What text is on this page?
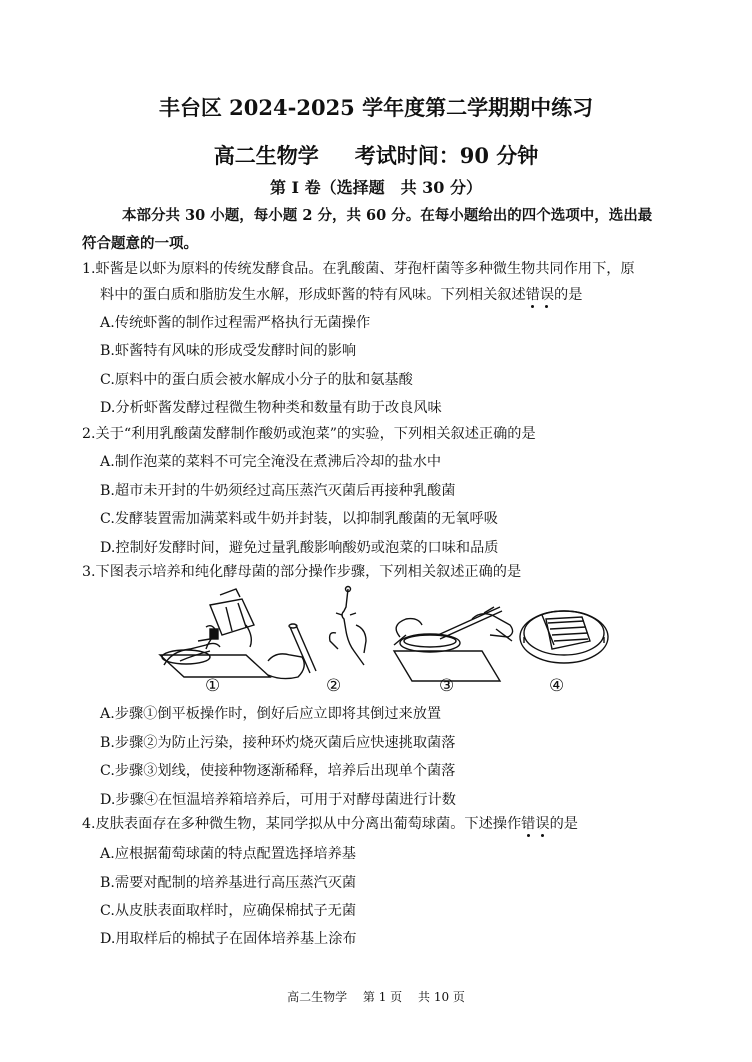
丰台区 2024-2025 学年度第二学期期中练习
高二生物学 考试时间：90 分钟
第 I 卷（选择题　共 30 分）
本部分共 30 小题，每小题 2 分，共 60 分。在每小题给出的四个选项中，选出最
符合题意的一项。
1.虾酱是以虾为原料的传统发酵食品。在乳酸菌、芽孢杆菌等多种微生物共同作用下，原
料中的蛋白质和脂肪发生水解，形成虾酱的特有风味。下列相关叙述错误的是
A.传统虾酱的制作过程需严格执行无菌操作
B.虾酱特有风味的形成受发酵时间的影响
C.原料中的蛋白质会被水解成小分子的肽和氨基酸
D.分析虾酱发酵过程微生物种类和数量有助于改良风味
2.关于“利用乳酸菌发酵制作酸奶或泡菜”的实验，下列相关叙述正确的是
A.制作泡菜的菜料不可完全淹没在煮沸后冷却的盐水中
B.超市未开封的牛奶须经过高压蒸汽灭菌后再接种乳酸菌
C.发酵装置需加满菜料或牛奶并封装，以抑制乳酸菌的无氧呼吸
D.控制好发酵时间，避免过量乳酸影响酸奶或泡菜的口味和品质
3.下图表示培养和纯化酵母菌的部分操作步骤，下列相关叙述正确的是
①	②	③	④
A.步骤①倒平板操作时，倒好后应立即将其倒过来放置
B.步骤②为防止污染，接种环灼烧灭菌后应快速挑取菌落
C.步骤③划线，使接种物逐渐稀释，培养后出现单个菌落
D.步骤④在恒温培养箱培养后，可用于对酵母菌进行计数
4.皮肤表面存在多种微生物，某同学拟从中分离出葡萄球菌。下述操作错误的是
A.应根据葡萄球菌的特点配置选择培养基
B.需要对配制的培养基进行高压蒸汽灭菌
C.从皮肤表面取样时，应确保棉拭子无菌
D.用取样后的棉拭子在固体培养基上涂布
高二生物学 第 1 页 共 10 页
